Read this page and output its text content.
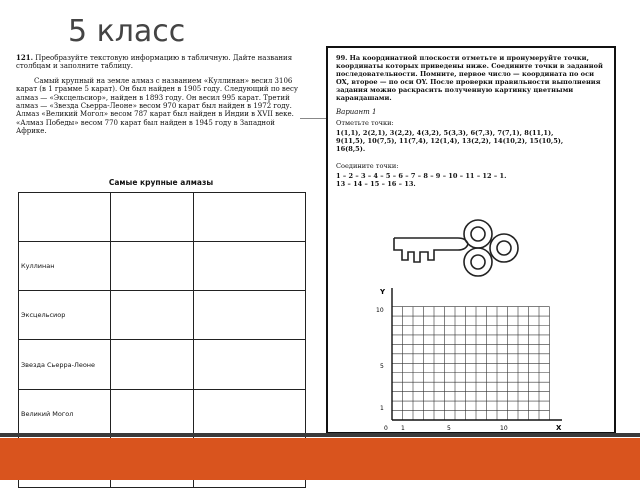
5 класс

121. Преобразуйте текстовую информацию в табличную. Дайте названия столбцам и заполните таблицу.

Самый крупный на земле алмаз с названием «Куллинан» весил 3106 карат (в 1 грамме 5 карат). Он был найден в 1905 году. Следующий по весу алмаз — «Эксцельсиор», найден в 1893 году. Он весил 995 карат. Третий алмаз — «Звезда Сьерра-Леоне» весом 970 карат был найден в 1972 году. Алмаз «Великий Могол» весом 787 карат был найден в Индии в XVII веке. «Алмаз Победы» весом 770 карат был найден в 1945 году в Западной Африке.

Самые крупные алмазы

Куллинан		
Эксцельсиор		
Звезда Сьерра-Леоне		
Великий Могол		

99. На координатной плоскости отметьте и пронумеруйте точки, координаты которых приведены ниже. Соедините точки в заданной последовательности. Помните, первое число — координата по оси OX, второе — по оси OY. После проверки правильности выполнения задания можно раскрасить полученную картинку цветными карандашами.

Вариант 1
Отметьте точки:

1(1,1), 2(2,1), 3(2,2), 4(3,2), 5(3,3), 6(7,3), 7(7,1), 8(11,1),
9(11,5), 10(7,5), 11(7,4), 12(1,4), 13(2,2), 14(10,2), 15(10,5),
16(8,5).

Соедините точки:

1 – 2 – 3 – 4 – 5 – 6 – 7 – 8 – 9 – 10 – 11 – 12 – 1.
13 – 14 – 15 – 16 – 13.

Y
X
10
5
1
0 1	5	10
